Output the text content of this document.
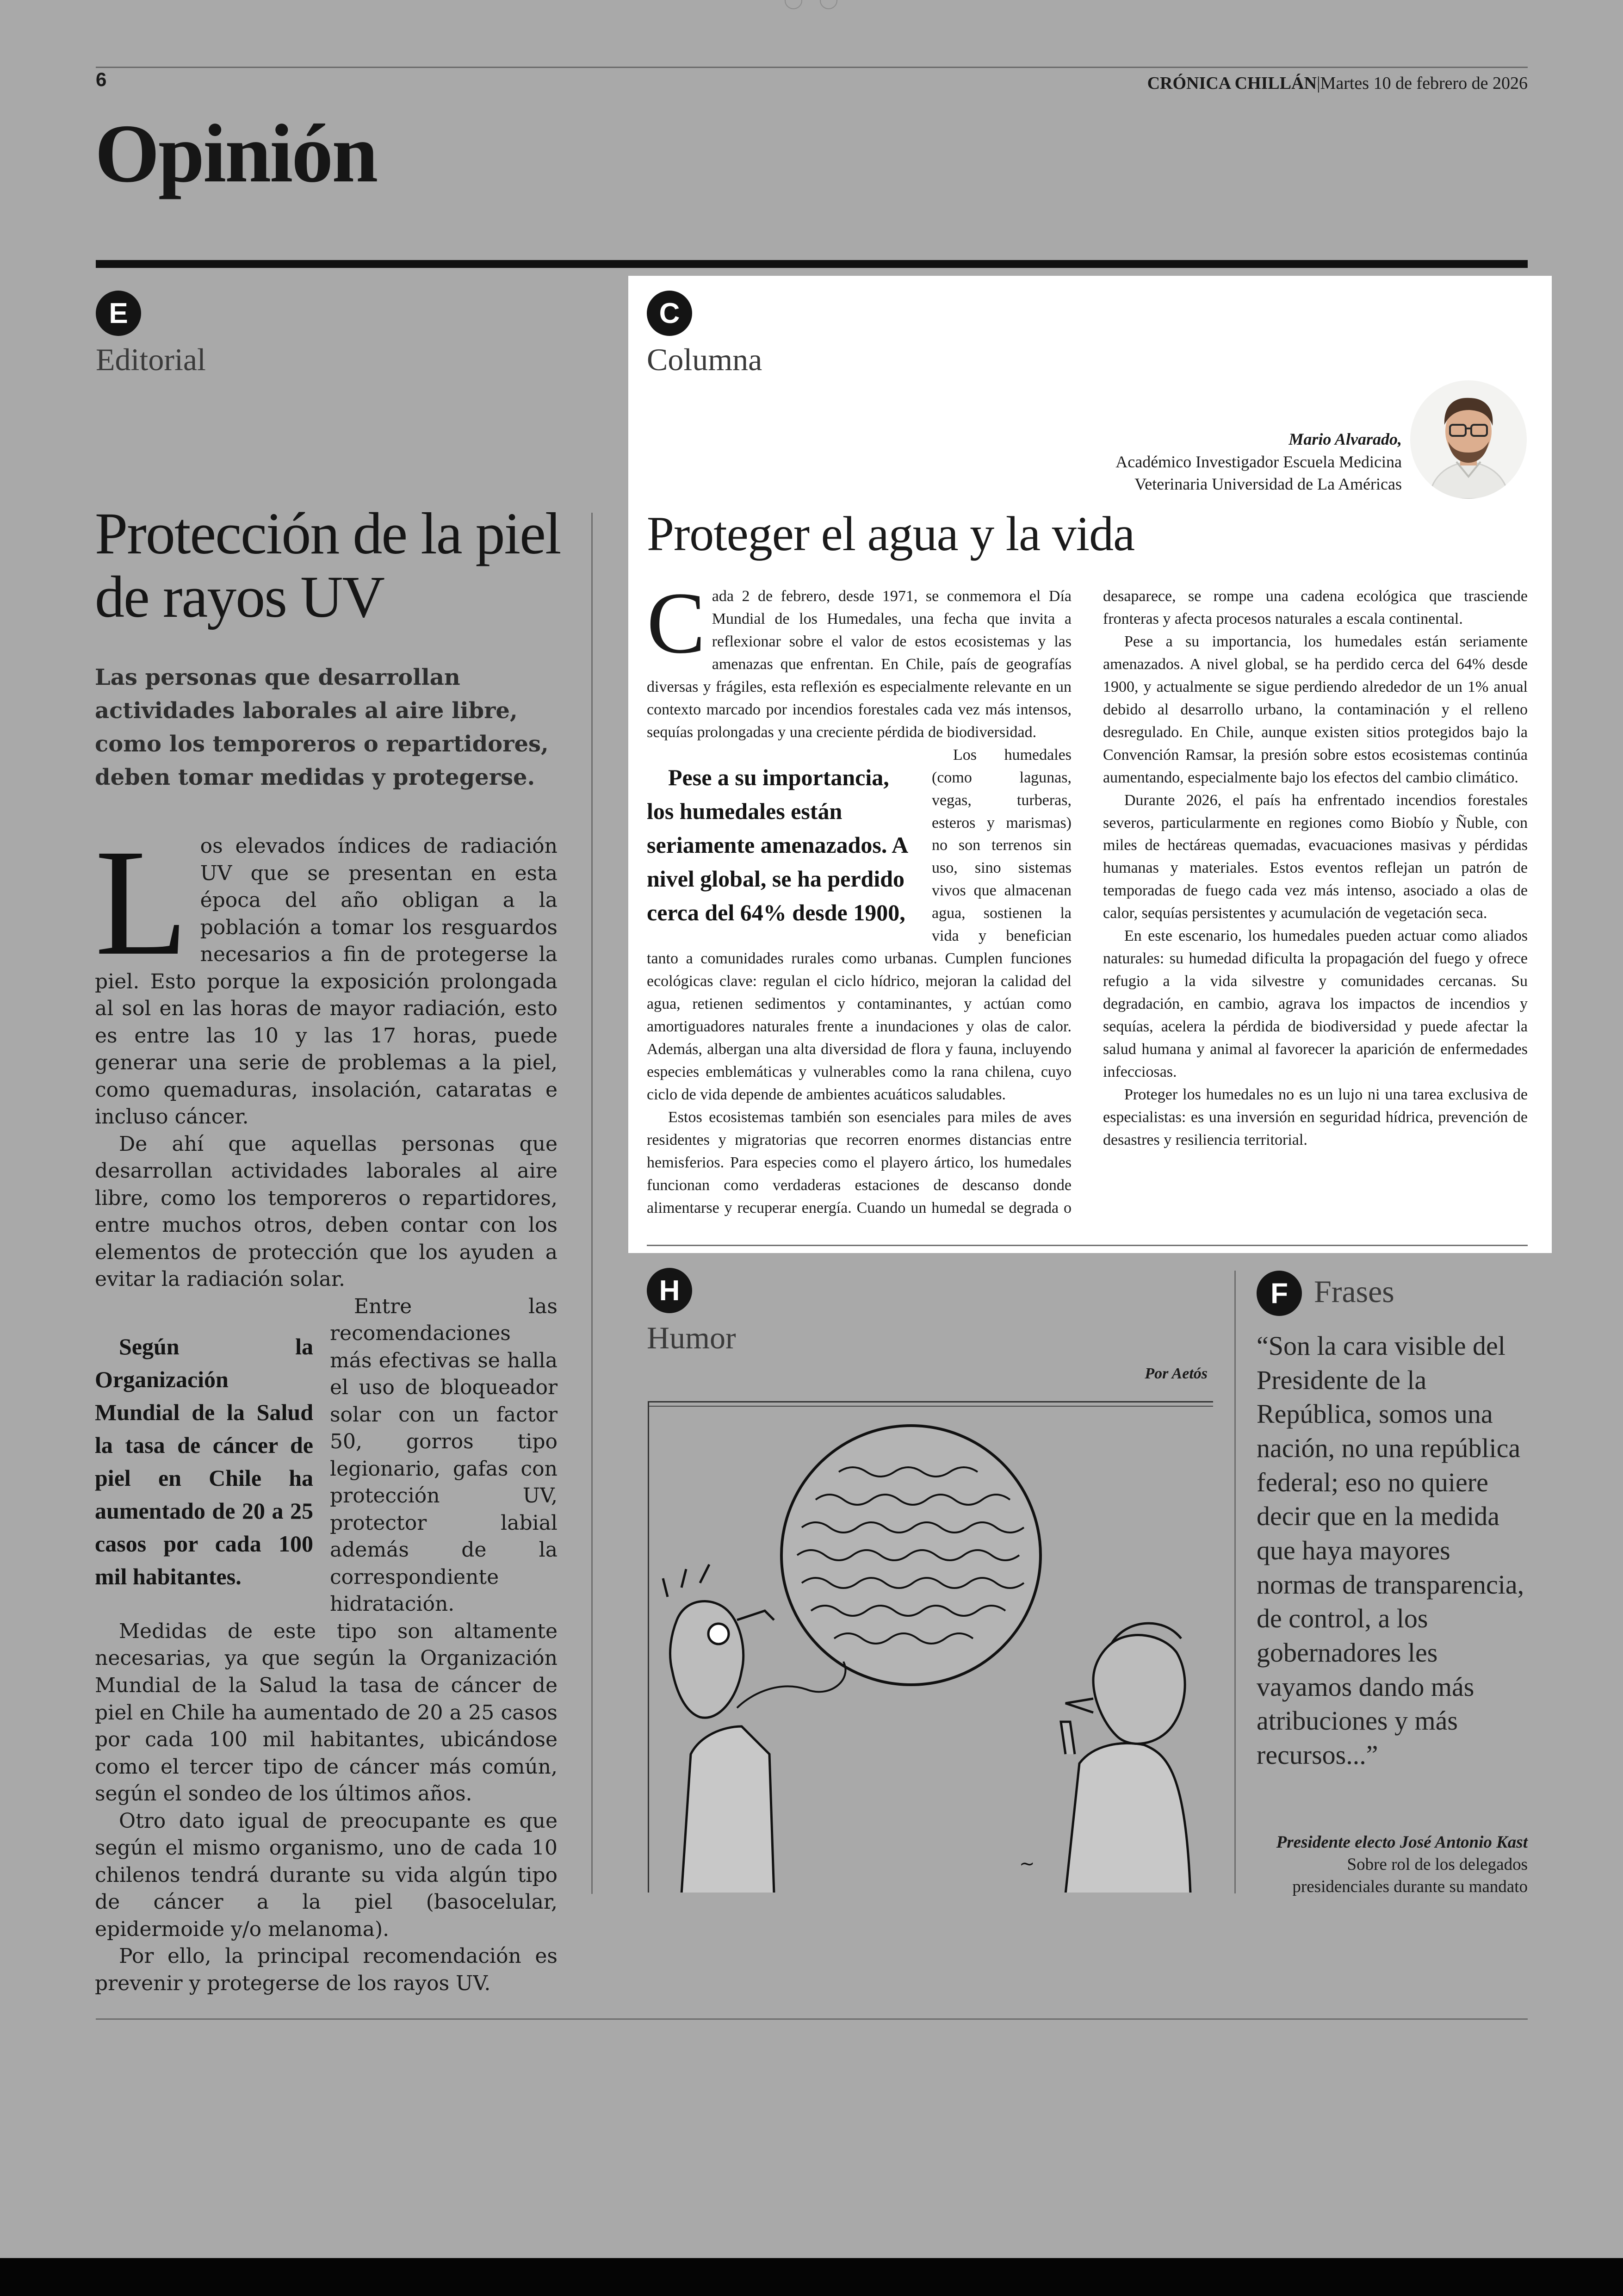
6	CRÓNICA CHILLÁN|Martes 10 de febrero de 2026
Opinión
E
Editorial
Protección de la piel de rayos UV
Las personas que desarrollan actividades laborales al aire libre, como los temporeros o repartidores, deben tomar medidas y protegerse.

Los elevados índices de radiación UV que se presentan en esta época del año obligan a la población a tomar los resguardos necesarios a fin de protegerse la piel. Esto porque la exposición prolongada al sol en las horas de mayor radiación, esto es entre las 10 y las 17 horas, puede generar una serie de problemas a la piel, como quemaduras, insolación, cataratas e incluso cáncer.

De ahí que aquellas personas que desarrollan actividades laborales al aire libre, como los temporeros o repartidores, entre muchos otros, deben contar con los elementos de protección que los ayuden a evitar la radiación solar.

Según la Organización Mundial de la Salud la tasa de cáncer de piel en Chile ha aumentado de 20 a 25 casos por cada 100 mil habitantes.
Entre las recomendaciones más efectivas se halla el uso de bloqueador solar con un factor 50, gorros tipo legionario, gafas con protección UV, protector labial además de la correspondiente hidratación.

Medidas de este tipo son altamente necesarias, ya que según la Organización Mundial de la Salud la tasa de cáncer de piel en Chile ha aumentado de 20 a 25 casos por cada 100 mil habitantes, ubicándose como el tercer tipo de cáncer más común, según el sondeo de los últimos años.

Otro dato igual de preocupante es que según el mismo organismo, uno de cada 10 chilenos tendrá durante su vida algún tipo de cáncer a la piel (basocelular, epidermoide y/o melanoma).

Por ello, la principal recomendación es prevenir y protegerse de los rayos UV.

C
Columna
Mario Alvarado,
Académico Investigador Escuela Medicina
Veterinaria Universidad de La Américas
Proteger el agua y la vida

Cada 2 de febrero, desde 1971, se conmemora el Día Mundial de los Humedales, una fecha que invita a reflexionar sobre el valor de estos ecosistemas y las amenazas que enfrentan. En Chile, país de geografías diversas y frágiles, esta reflexión es especialmente relevante en un contexto marcado por incendios forestales cada vez más intensos, sequías prolongadas y una creciente pérdida de biodiversidad.

Pese a su importancia, los humedales están seriamente amenazados. A nivel global, se ha perdido cerca del 64% desde 1900,
Los humedales (como lagunas, vegas, turberas, esteros y marismas) no son terrenos sin uso, sino sistemas vivos que almacenan agua, sostienen la vida y benefician tanto a comunidades rurales como urbanas. Cumplen funciones ecológicas clave: regulan el ciclo hídrico, mejoran la calidad del agua, retienen sedimentos y contaminantes, y actúan como amortiguadores naturales frente a inundaciones y olas de calor. Además, albergan una alta diversidad de flora y fauna, incluyendo especies emblemáticas y vulnerables como la rana chilena, cuyo ciclo de vida depende de ambientes acuáticos saludables.

Estos ecosistemas también son esenciales para miles de aves residentes y migratorias que recorren enormes distancias entre hemisferios. Para especies como el playero ártico, los humedales funcionan como verdaderas estaciones de descanso donde alimentarse y recuperar energía. Cuando un humedal se degrada o desaparece, se rompe una cadena ecológica que trasciende fronteras y afecta procesos naturales a escala continental.

Pese a su importancia, los humedales están seriamente amenazados. A nivel global, se ha perdido cerca del 64% desde 1900, y actualmente se sigue perdiendo alrededor de un 1% anual debido al desarrollo urbano, la contaminación y el relleno desregulado. En Chile, aunque existen sitios protegidos bajo la Convención Ramsar, la presión sobre estos ecosistemas continúa aumentando, especialmente bajo los efectos del cambio climático.

Durante 2026, el país ha enfrentado incendios forestales severos, particularmente en regiones como Biobío y Ñuble, con miles de hectáreas quemadas, evacuaciones masivas y pérdidas humanas y materiales. Estos eventos reflejan un patrón de temporadas de fuego cada vez más intenso, asociado a olas de calor, sequías persistentes y acumulación de vegetación seca.

En este escenario, los humedales pueden actuar como aliados naturales: su humedad dificulta la propagación del fuego y ofrece refugio a la vida silvestre y comunidades cercanas. Su degradación, en cambio, agrava los impactos de incendios y sequías, acelera la pérdida de biodiversidad y puede afectar la salud humana y animal al favorecer la aparición de enfermedades infecciosas.

Proteger los humedales no es un lujo ni una tarea exclusiva de especialistas: es una inversión en seguridad hídrica, prevención de desastres y resiliencia territorial.

H
Humor
Por Aetós
~
F Frases
“Son la cara visible del Presidente de la República, somos una nación, no una república federal; eso no quiere decir que en la medida que haya mayores normas de transparencia, de control, a los gobernadores les vayamos dando más atribuciones y más recursos...”
Presidente electo José Antonio Kast
Sobre rol de los delegados
presidenciales durante su mandato
